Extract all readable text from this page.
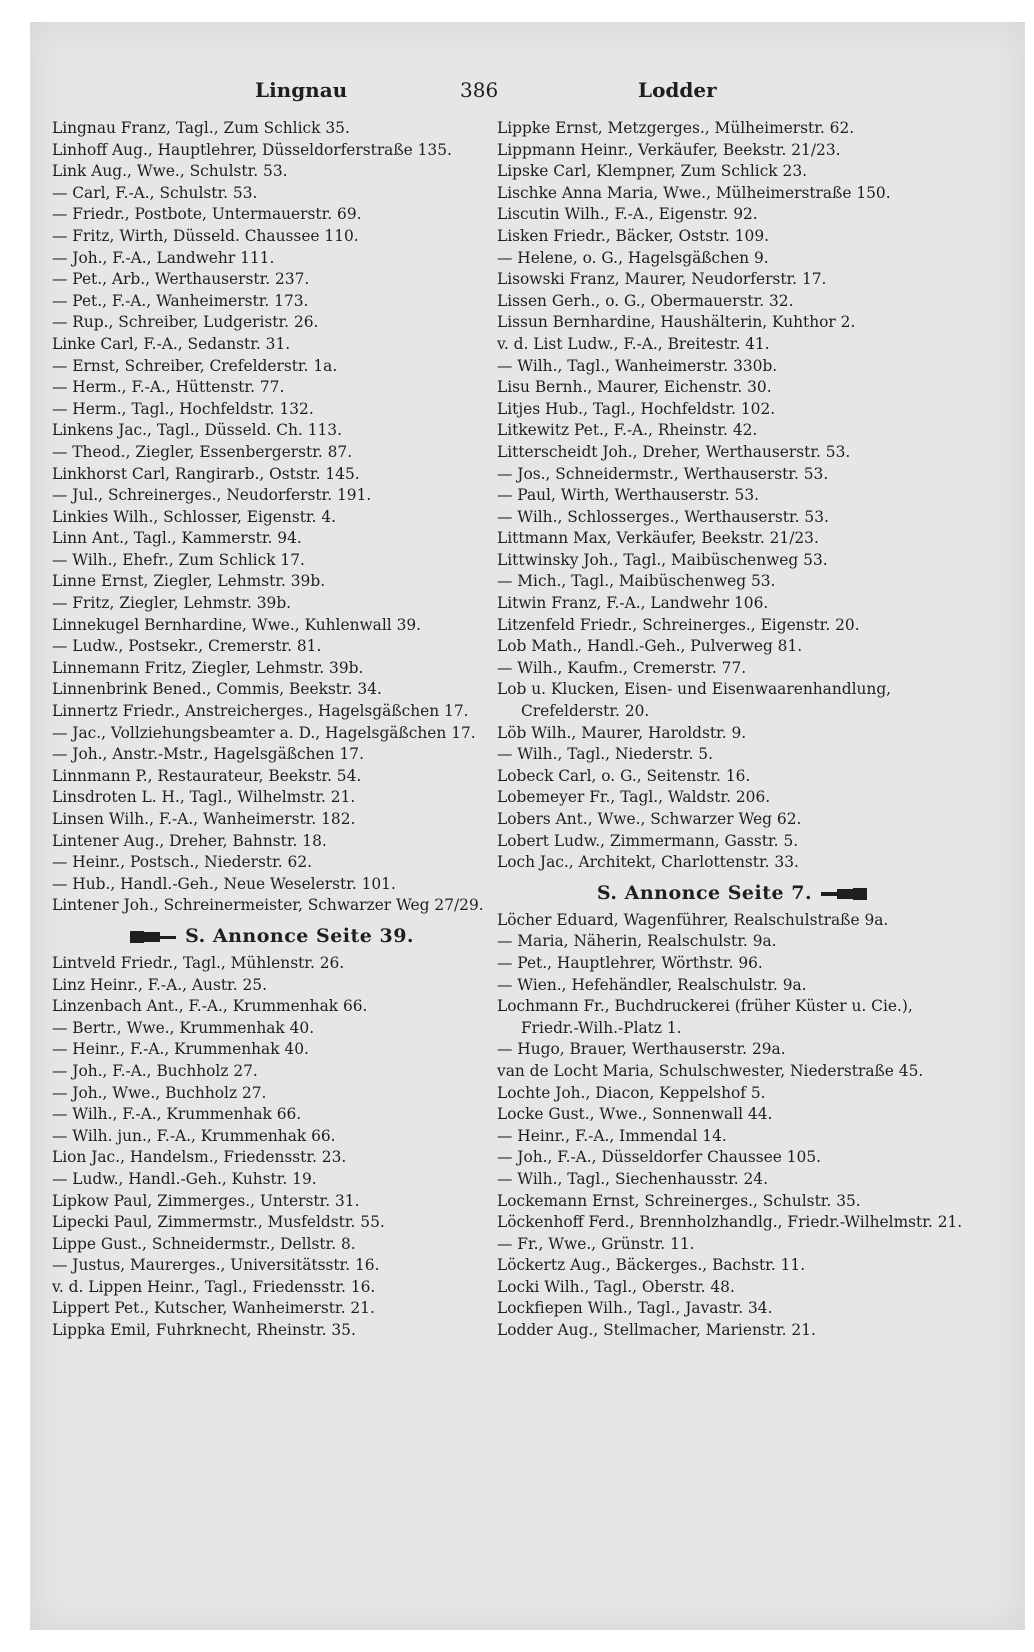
Lingnau	386	Lodder
Lingnau Franz, Tagl., Zum Schlick 35.
Linhoff Aug., Hauptlehrer, Düsseldorferstraße 135.
Link Aug., Wwe., Schulstr. 53.
— Carl, F.-A., Schulstr. 53.
— Friedr., Postbote, Untermauerstr. 69.
— Fritz, Wirth, Düsseld. Chaussee 110.
— Joh., F.-A., Landwehr 111.
— Pet., Arb., Werthauserstr. 237.
— Pet., F.-A., Wanheimerstr. 173.
— Rup., Schreiber, Ludgeristr. 26.
Linke Carl, F.-A., Sedanstr. 31.
— Ernst, Schreiber, Crefelderstr. 1a.
— Herm., F.-A., Hüttenstr. 77.
— Herm., Tagl., Hochfeldstr. 132.
Linkens Jac., Tagl., Düsseld. Ch. 113.
— Theod., Ziegler, Essenbergerstr. 87.
Linkhorst Carl, Rangirarb., Oststr. 145.
— Jul., Schreinerges., Neudorferstr. 191.
Linkies Wilh., Schlosser, Eigenstr. 4.
Linn Ant., Tagl., Kammerstr. 94.
— Wilh., Ehefr., Zum Schlick 17.
Linne Ernst, Ziegler, Lehmstr. 39b.
— Fritz, Ziegler, Lehmstr. 39b.
Linnekugel Bernhardine, Wwe., Kuhlenwall 39.
— Ludw., Postsekr., Cremerstr. 81.
Linnemann Fritz, Ziegler, Lehmstr. 39b.
Linnenbrink Bened., Commis, Beekstr. 34.
Linnertz Friedr., Anstreicherges., Hagelsgäßchen 17.
— Jac., Vollziehungsbeamter a. D., Hagelsgäßchen 17.
— Joh., Anstr.-Mstr., Hagelsgäßchen 17.
Linnmann P., Restaurateur, Beekstr. 54.
Linsdroten L. H., Tagl., Wilhelmstr. 21.
Linsen Wilh., F.-A., Wanheimerstr. 182.
Lintener Aug., Dreher, Bahnstr. 18.
— Heinr., Postsch., Niederstr. 62.
— Hub., Handl.-Geh., Neue Weselerstr. 101.
Lintener Joh., Schreinermeister, Schwarzer Weg 27/29.
S. Annonce Seite 39.
Lintveld Friedr., Tagl., Mühlenstr. 26.
Linz Heinr., F.-A., Austr. 25.
Linzenbach Ant., F.-A., Krummenhak 66.
— Bertr., Wwe., Krummenhak 40.
— Heinr., F.-A., Krummenhak 40.
— Joh., F.-A., Buchholz 27.
— Joh., Wwe., Buchholz 27.
— Wilh., F.-A., Krummenhak 66.
— Wilh. jun., F.-A., Krummenhak 66.
Lion Jac., Handelsm., Friedensstr. 23.
— Ludw., Handl.-Geh., Kuhstr. 19.
Lipkow Paul, Zimmerges., Unterstr. 31.
Lipecki Paul, Zimmermstr., Musfeldstr. 55.
Lippe Gust., Schneidermstr., Dellstr. 8.
— Justus, Maurerges., Universitätsstr. 16.
v. d. Lippen Heinr., Tagl., Friedensstr. 16.
Lippert Pet., Kutscher, Wanheimerstr. 21.
Lippka Emil, Fuhrknecht, Rheinstr. 35.
Lippke Ernst, Metzgerges., Mülheimerstr. 62.
Lippmann Heinr., Verkäufer, Beekstr. 21/23.
Lipske Carl, Klempner, Zum Schlick 23.
Lischke Anna Maria, Wwe., Mülheimerstraße 150.
Liscutin Wilh., F.-A., Eigenstr. 92.
Lisken Friedr., Bäcker, Oststr. 109.
— Helene, o. G., Hagelsgäßchen 9.
Lisowski Franz, Maurer, Neudorferstr. 17.
Lissen Gerh., o. G., Obermauerstr. 32.
Lissun Bernhardine, Haushälterin, Kuhthor 2.
v. d. List Ludw., F.-A., Breitestr. 41.
— Wilh., Tagl., Wanheimerstr. 330b.
Lisu Bernh., Maurer, Eichenstr. 30.
Litjes Hub., Tagl., Hochfeldstr. 102.
Litkewitz Pet., F.-A., Rheinstr. 42.
Litterscheidt Joh., Dreher, Werthauserstr. 53.
— Jos., Schneidermstr., Werthauserstr. 53.
— Paul, Wirth, Werthauserstr. 53.
— Wilh., Schlosserges., Werthauserstr. 53.
Littmann Max, Verkäufer, Beekstr. 21/23.
Littwinsky Joh., Tagl., Maibüschenweg 53.
— Mich., Tagl., Maibüschenweg 53.
Litwin Franz, F.-A., Landwehr 106.
Litzenfeld Friedr., Schreinerges., Eigenstr. 20.
Lob Math., Handl.-Geh., Pulverweg 81.
— Wilh., Kaufm., Cremerstr. 77.
Lob u. Klucken, Eisen- und Eisenwaarenhandlung, Crefelderstr. 20.
Löb Wilh., Maurer, Haroldstr. 9.
— Wilh., Tagl., Niederstr. 5.
Lobeck Carl, o. G., Seitenstr. 16.
Lobemeyer Fr., Tagl., Waldstr. 206.
Lobers Ant., Wwe., Schwarzer Weg 62.
Lobert Ludw., Zimmermann, Gasstr. 5.
Loch Jac., Architekt, Charlottenstr. 33.
S. Annonce Seite 7.
Löcher Eduard, Wagenführer, Realschulstraße 9a.
— Maria, Näherin, Realschulstr. 9a.
— Pet., Hauptlehrer, Wörthstr. 96.
— Wien., Hefehändler, Realschulstr. 9a.
Lochmann Fr., Buchdruckerei (früher Küster u. Cie.), Friedr.-Wilh.-Platz 1.
— Hugo, Brauer, Werthauserstr. 29a.
van de Locht Maria, Schulschwester, Niederstraße 45.
Lochte Joh., Diacon, Keppelshof 5.
Locke Gust., Wwe., Sonnenwall 44.
— Heinr., F.-A., Immendal 14.
— Joh., F.-A., Düsseldorfer Chaussee 105.
— Wilh., Tagl., Siechenhausstr. 24.
Lockemann Ernst, Schreinerges., Schulstr. 35.
Löckenhoff Ferd., Brennholzhandlg., Friedr.-Wilhelmstr. 21.
— Fr., Wwe., Grünstr. 11.
Löckertz Aug., Bäckerges., Bachstr. 11.
Locki Wilh., Tagl., Oberstr. 48.
Lockfiepen Wilh., Tagl., Javastr. 34.
Lodder Aug., Stellmacher, Marienstr. 21.
